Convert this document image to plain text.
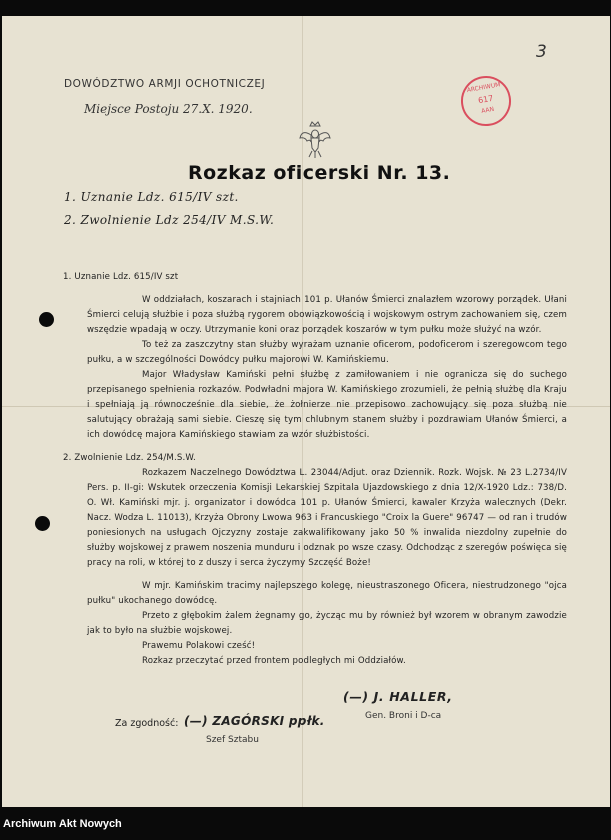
3
ARCHIWUM
617
AAN
DOWÓDZTWO ARMJI OCHOTNICZEJ
Miejsce Postoju 27.X. 1920.
Rozkaz oficerski Nr. 13.
1. Uznanie Ldz. 615/IV szt.
2. Zwolnienie Ldz 254/IV M.S.W.

1. Uznanie Ldz. 615/IV szt

W oddziałach, koszarach i stajniach 101 p. Ułanów Śmierci znalazłem wzorowy porządek. Ułani Śmierci celują służbie i poza służbą rygorem obowiązkowością i wojskowym ostrym zachowaniem się, czem wszędzie wpadają w oczy. Utrzymanie koni oraz porządek koszarów w tym pułku może służyć na wzór.

To też za zaszczytny stan służby wyrażam uznanie oficerom, podoficerom i szeregowcom tego pułku, a w szczególności Dowódcy pułku majorowi W. Kamińskiemu.

Major Władysław Kamiński pełni służbę z zamiłowaniem i nie ogranicza się do suchego przepisanego spełnienia rozkazów. Podwładni majora W. Kamińskiego zrozumieli, że pełnią służbę dla Kraju i spełniają ją równocześnie dla siebie, że żołnierze nie przepisowo zachowujący się poza służbą nie salutujący obrażają sami siebie. Cieszę się tym chlubnym stanem służby i pozdrawiam Ułanów Śmierci, a ich dowódcę majora Kamińskiego stawiam za wzór służbistości.

2. Zwolnienie Ldz. 254/M.S.W.

Rozkazem Naczelnego Dowództwa L. 23044/Adjut. oraz Dziennik. Rozk. Wojsk. № 23 L.2734/IV Pers. p. II-gi: Wskutek orzeczenia Komisji Lekarskiej Szpitala Ujazdowskiego z dnia 12/X-1920 Ldz.: 738/D. O. Wł. Kamiński mjr. j. organizator i dowódca 101 p. Ułanów Śmierci, kawaler Krzyża walecznych (Dekr. Nacz. Wodza L. 11013), Krzyża Obrony Lwowa 963 i Francuskiego "Croix la Guere" 96747 — od ran i trudów poniesionych na usługach Ojczyzny zostaje zakwalifikowany jako 50 % inwalida niezdolny zupełnie do służby wojskowej z prawem noszenia munduru i odznak po wsze czasy. Odchodząc z szeregów poświęca się pracy na roli, w której to z duszy i serca życzymy Szczęść Boże!

W mjr. Kamińskim tracimy najlepszego kolegę, nieustraszonego Oficera, niestrudzonego "ojca pułku" ukochanego dowódcę.

Przeto z głębokim żalem żegnamy go, życząc mu by również był wzorem w obranym zawodzie jak to było na służbie wojskowej.

Prawemu Polakowi cześć!

Rozkaz przeczytać przed frontem podległych mi Oddziałów.

(—) J. HALLER,
Gen. Broni i D-ca
Za zgodność: (—) ZAGÓRSKI ppłk.
Szef Sztabu
Archiwum Akt Nowych
